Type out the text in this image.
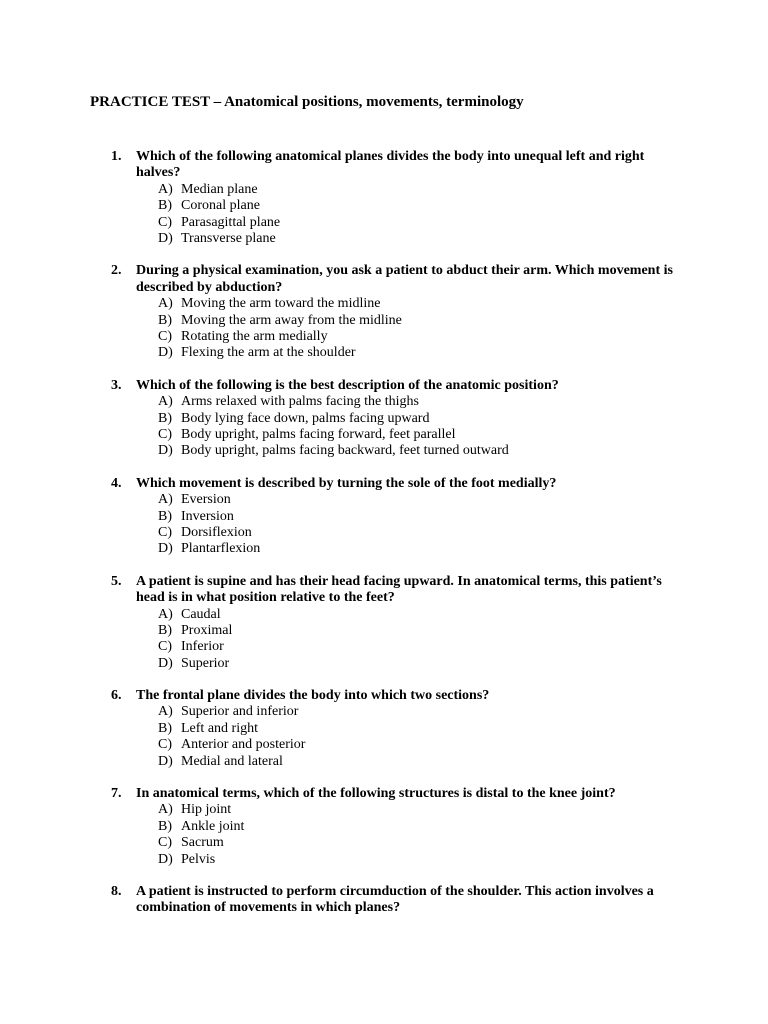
PRACTICE TEST – Anatomical positions, movements, terminology
1. Which of the following anatomical planes divides the body into unequal left and right halves?
A) Median plane
B) Coronal plane
C) Parasagittal plane
D) Transverse plane
2. During a physical examination, you ask a patient to abduct their arm. Which movement is described by abduction?
A) Moving the arm toward the midline
B) Moving the arm away from the midline
C) Rotating the arm medially
D) Flexing the arm at the shoulder
3. Which of the following is the best description of the anatomic position?
A) Arms relaxed with palms facing the thighs
B) Body lying face down, palms facing upward
C) Body upright, palms facing forward, feet parallel
D) Body upright, palms facing backward, feet turned outward
4. Which movement is described by turning the sole of the foot medially?
A) Eversion
B) Inversion
C) Dorsiflexion
D) Plantarflexion
5. A patient is supine and has their head facing upward. In anatomical terms, this patient’s head is in what position relative to the feet?
A) Caudal
B) Proximal
C) Inferior
D) Superior
6. The frontal plane divides the body into which two sections?
A) Superior and inferior
B) Left and right
C) Anterior and posterior
D) Medial and lateral
7. In anatomical terms, which of the following structures is distal to the knee joint?
A) Hip joint
B) Ankle joint
C) Sacrum
D) Pelvis
8. A patient is instructed to perform circumduction of the shoulder. This action involves a combination of movements in which planes?
